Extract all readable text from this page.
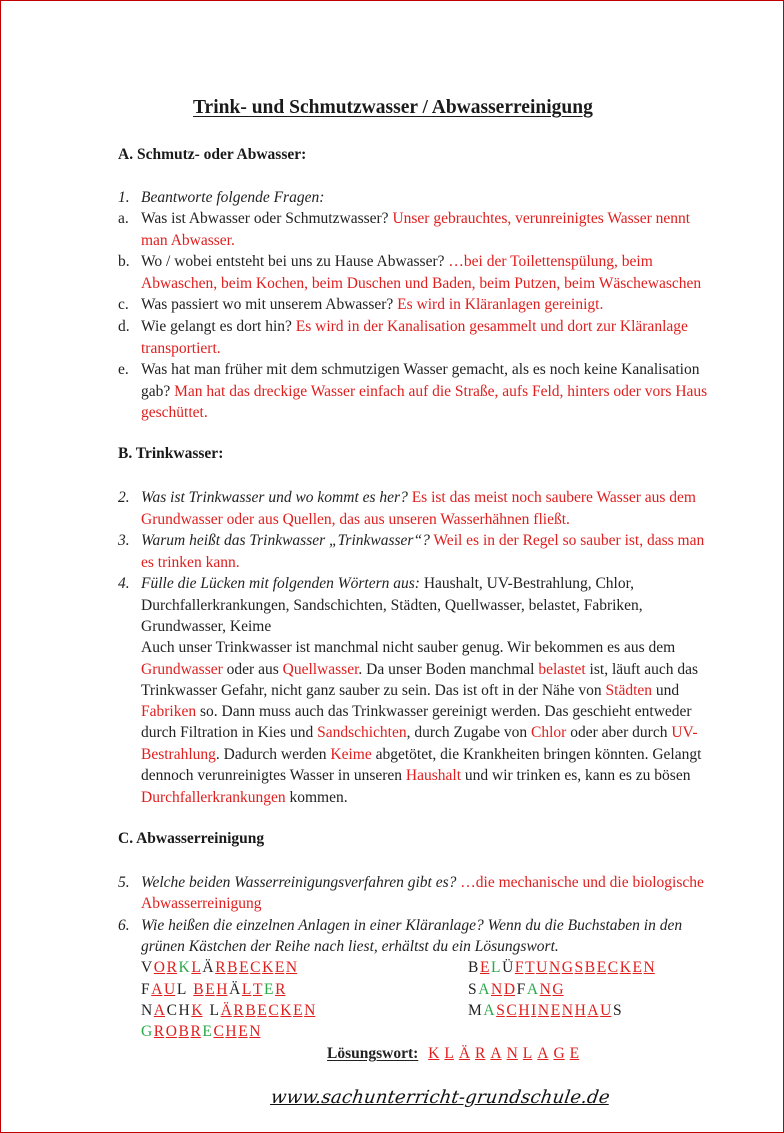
Trink- und Schmutzwasser / Abwasserreinigung
A. Schmutz- oder Abwasser:
1. Beantworte folgende Fragen:
a. Was ist Abwasser oder Schmutzwasser? Unser gebrauchtes, verunreinigtes Wasser nennt
man Abwasser.
b. Wo / wobei entsteht bei uns zu Hause Abwasser? …bei der Toilettenspülung, beim
Abwaschen, beim Kochen, beim Duschen und Baden, beim Putzen, beim Wäschewaschen
c. Was passiert wo mit unserem Abwasser? Es wird in Kläranlagen gereinigt.
d. Wie gelangt es dort hin? Es wird in der Kanalisation gesammelt und dort zur Kläranlage
transportiert.
e. Was hat man früher mit dem schmutzigen Wasser gemacht, als es noch keine Kanalisation
gab? Man hat das dreckige Wasser einfach auf die Straße, aufs Feld, hinters oder vors Haus
geschüttet.
B. Trinkwasser:
2. Was ist Trinkwasser und wo kommt es her? Es ist das meist noch saubere Wasser aus dem
Grundwasser oder aus Quellen, das aus unseren Wasserhähnen fließt.
3. Warum heißt das Trinkwasser „Trinkwasser“? Weil es in der Regel so sauber ist, dass man
es trinken kann.
4. Fülle die Lücken mit folgenden Wörtern aus: Haushalt, UV-Bestrahlung, Chlor,
Durchfallerkrankungen, Sandschichten, Städten, Quellwasser, belastet, Fabriken,
Grundwasser, Keime
Auch unser Trinkwasser ist manchmal nicht sauber genug. Wir bekommen es aus dem
Grundwasser oder aus Quellwasser. Da unser Boden manchmal belastet ist, läuft auch das
Trinkwasser Gefahr, nicht ganz sauber zu sein. Das ist oft in der Nähe von Städten und
Fabriken so. Dann muss auch das Trinkwasser gereinigt werden. Das geschieht entweder
durch Filtration in Kies und Sandschichten, durch Zugabe von Chlor oder aber durch UV-
Bestrahlung. Dadurch werden Keime abgetötet, die Krankheiten bringen könnten. Gelangt
dennoch verunreinigtes Wasser in unseren Haushalt und wir trinken es, kann es zu bösen
Durchfallerkrankungen kommen.
C. Abwasserreinigung
5. Welche beiden Wasserreinigungsverfahren gibt es? …die mechanische und die biologische
Abwasserreinigung
6. Wie heißen die einzelnen Anlagen in einer Kläranlage? Wenn du die Buchstaben in den
grünen Kästchen der Reihe nach liest, erhältst du ein Lösungswort.
V O R K L Ä R B E C K E N	B E L Ü F T U N G S B E C K E N
F A U L B E H Ä L T E R	S A N D F A N G
N A C H K L Ä R B E C K E N	M A S C H I N E N H A U S
G R O B R E C H E N
Lösungswort: K L Ä R A N L A G E
www.sachunterricht-grundschule.de
